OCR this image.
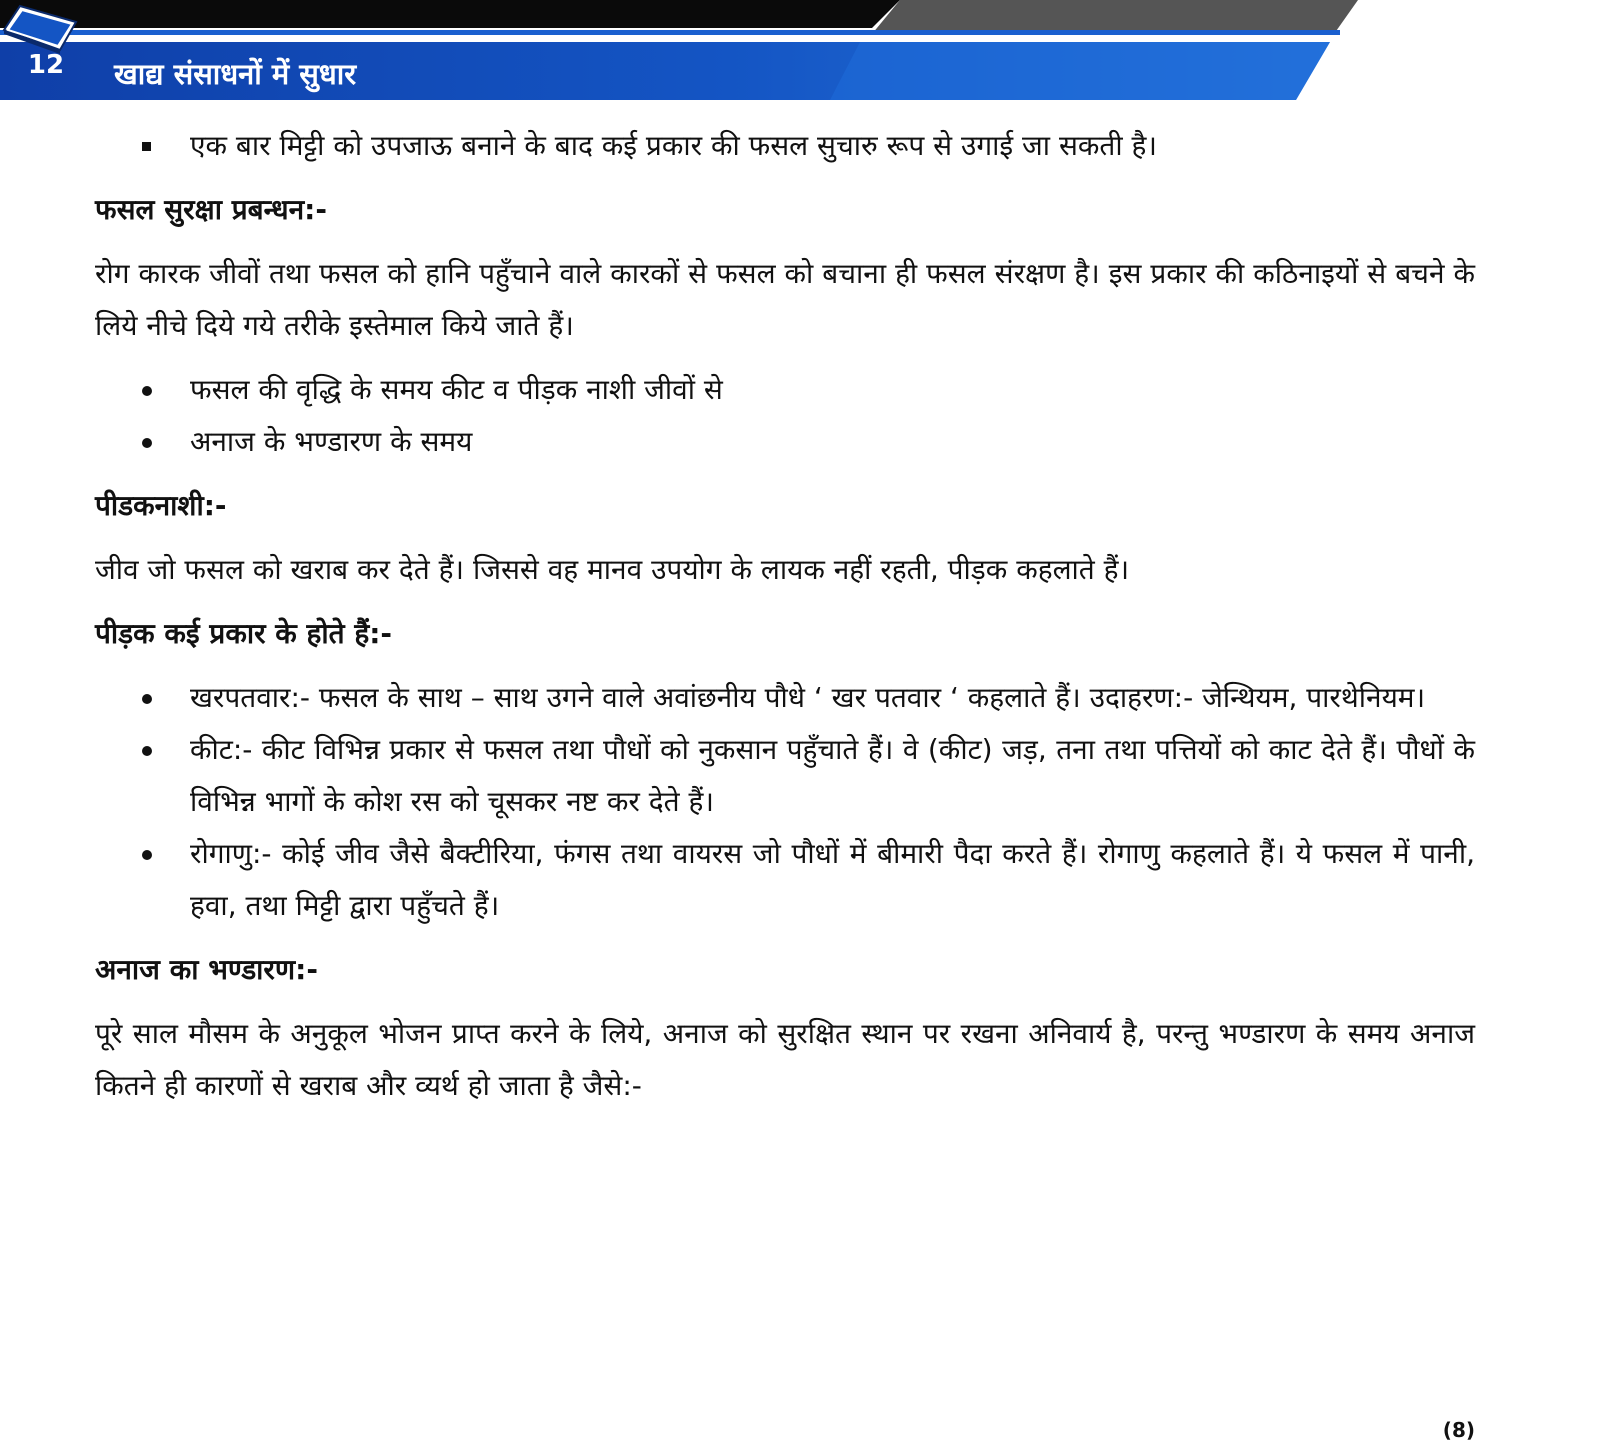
12 खाद्य संसाधनों में सुधार
एक बार मिट्टी को उपजाऊ बनाने के बाद कई प्रकार की फसल सुचारु रूप से उगाई जा सकती है।
फसल सुरक्षा प्रबन्धन:-

रोग कारक जीवों तथा फसल को हानि पहुँचाने वाले कारकों से फसल को बचाना ही फसल संरक्षण है। इस प्रकार की कठिनाइयों से बचने के लिये नीचे दिये गये तरीके इस्तेमाल किये जाते हैं।

फसल की वृद्धि के समय कीट व पीड़क नाशी जीवों से
अनाज के भण्डारण के समय
पीडकनाशी:-

जीव जो फसल को खराब कर देते हैं। जिससे वह मानव उपयोग के लायक नहीं रहती, पीड़क कहलाते हैं।

पीड़क कई प्रकार के होते हैं:-
खरपतवार:- फसल के साथ – साथ उगने वाले अवांछनीय पौधे ‘ खर पतवार ‘ कहलाते हैं। उदाहरण:- जेन्थियम, पारथेनियम।
कीट:- कीट विभिन्न प्रकार से फसल तथा पौधों को नुकसान पहुँचाते हैं। वे (कीट) जड़, तना तथा पत्तियों को काट देते हैं। पौधों के विभिन्न भागों के कोश रस को चूसकर नष्ट कर देते हैं।
रोगाणु:- कोई जीव जैसे बैक्टीरिया, फंगस तथा वायरस जो पौधों में बीमारी पैदा करते हैं। रोगाणु कहलाते हैं। ये फसल में पानी, हवा, तथा मिट्टी द्वारा पहुँचते हैं।
अनाज का भण्डारण:-

पूरे साल मौसम के अनुकूल भोजन प्राप्त करने के लिये, अनाज को सुरक्षित स्थान पर रखना अनिवार्य है, परन्तु भण्डारण के समय अनाज कितने ही कारणों से खराब और व्यर्थ हो जाता है जैसे:-

(8)
